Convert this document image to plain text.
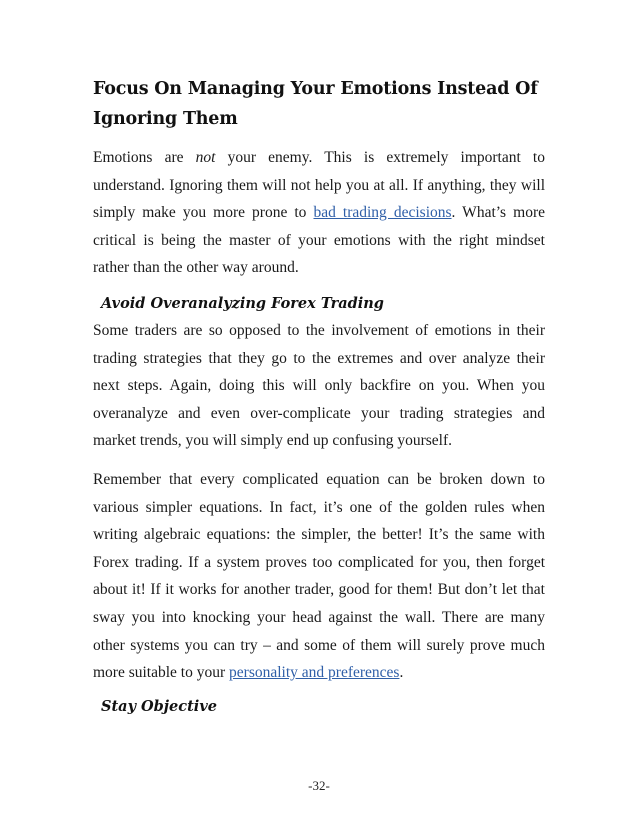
Focus On Managing Your Emotions Instead Of Ignoring Them
Emotions are not your enemy. This is extremely important to understand. Ignoring them will not help you at all. If anything, they will simply make you more prone to bad trading decisions. What’s more critical is being the master of your emotions with the right mindset rather than the other way around.
Avoid Overanalyzing Forex Trading
Some traders are so opposed to the involvement of emotions in their trading strategies that they go to the extremes and over analyze their next steps. Again, doing this will only backfire on you. When you overanalyze and even over-complicate your trading strategies and market trends, you will simply end up confusing yourself.
Remember that every complicated equation can be broken down to various simpler equations. In fact, it’s one of the golden rules when writing algebraic equations: the simpler, the better! It’s the same with Forex trading. If a system proves too complicated for you, then forget about it! If it works for another trader, good for them! But don’t let that sway you into knocking your head against the wall. There are many other systems you can try – and some of them will surely prove much more suitable to your personality and preferences.
Stay Objective
-32-
